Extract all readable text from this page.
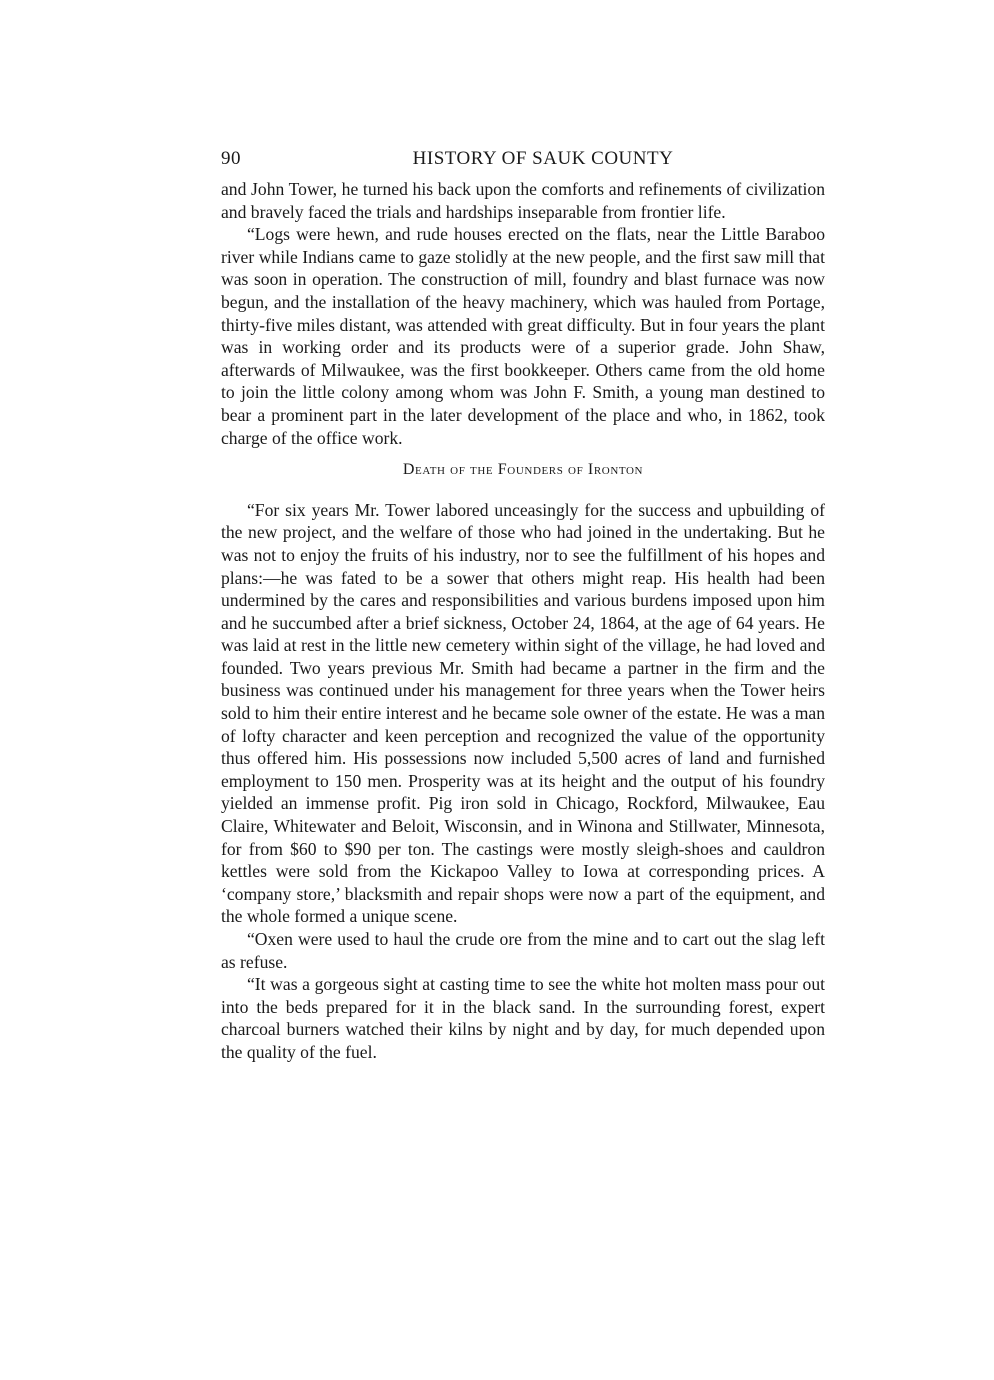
90	HISTORY OF SAUK COUNTY

and John Tower, he turned his back upon the comforts and refinements of civilization and bravely faced the trials and hardships inseparable from frontier life.

“Logs were hewn, and rude houses erected on the flats, near the Little Baraboo river while Indians came to gaze stolidly at the new people, and the first saw mill that was soon in operation. The construction of mill, foundry and blast furnace was now begun, and the installation of the heavy machinery, which was hauled from Portage, thirty-five miles distant, was attended with great difficulty. But in four years the plant was in working order and its products were of a superior grade. John Shaw, afterwards of Milwaukee, was the first bookkeeper. Others came from the old home to join the little colony among whom was John F. Smith, a young man destined to bear a prominent part in the later development of the place and who, in 1862, took charge of the office work.

Death of the Founders of Ironton

“For six years Mr. Tower labored unceasingly for the success and upbuilding of the new project, and the welfare of those who had joined in the undertaking. But he was not to enjoy the fruits of his industry, nor to see the fulfillment of his hopes and plans:—he was fated to be a sower that others might reap. His health had been undermined by the cares and responsibilities and various burdens imposed upon him and he succumbed after a brief sickness, October 24, 1864, at the age of 64 years. He was laid at rest in the little new cemetery within sight of the village, he had loved and founded. Two years previous Mr. Smith had became a partner in the firm and the business was continued under his management for three years when the Tower heirs sold to him their entire interest and he became sole owner of the estate. He was a man of lofty character and keen perception and recognized the value of the opportunity thus offered him. His possessions now included 5,500 acres of land and furnished employment to 150 men. Prosperity was at its height and the output of his foundry yielded an immense profit. Pig iron sold in Chicago, Rockford, Milwaukee, Eau Claire, Whitewater and Beloit, Wisconsin, and in Winona and Stillwater, Minnesota, for from $60 to $90 per ton. The castings were mostly sleigh-shoes and cauldron kettles were sold from the Kickapoo Valley to Iowa at corresponding prices. A ‘company store,’ blacksmith and repair shops were now a part of the equipment, and the whole formed a unique scene.

“Oxen were used to haul the crude ore from the mine and to cart out the slag left as refuse.

“It was a gorgeous sight at casting time to see the white hot molten mass pour out into the beds prepared for it in the black sand. In the surrounding forest, expert charcoal burners watched their kilns by night and by day, for much depended upon the quality of the fuel.
